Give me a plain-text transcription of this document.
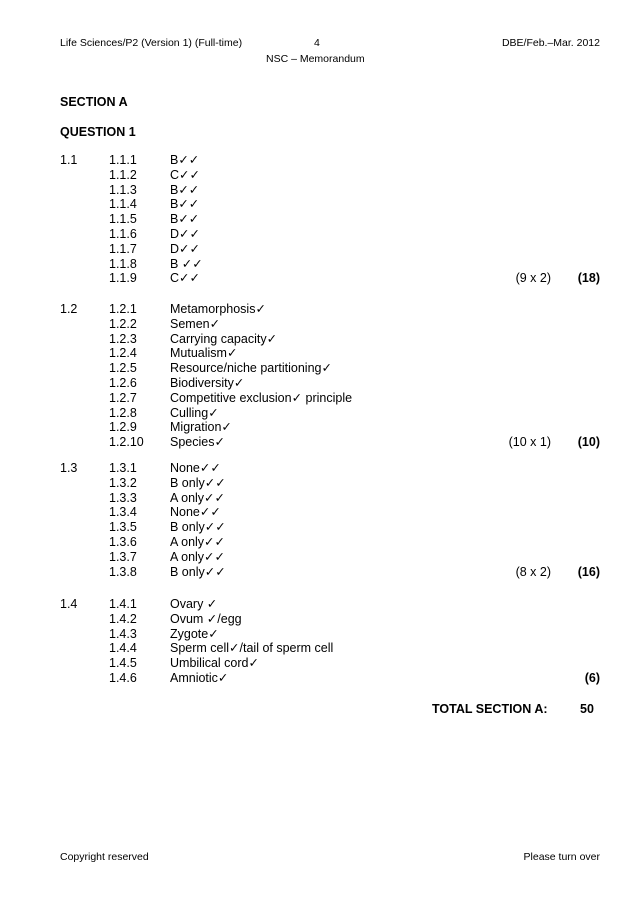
Life Sciences/P2 (Version 1) (Full-time)	4	DBE/Feb.–Mar. 2012
NSC – Memorandum
SECTION A
QUESTION 1
1.1	1.1.1	B✓✓
1.1.2	C✓✓
1.1.3	B✓✓
1.1.4	B✓✓
1.1.5	B✓✓
1.1.6	D✓✓
1.1.7	D✓✓
1.1.8	B ✓✓
1.1.9	C✓✓	(9 x 2) (18)
1.2	1.2.1	Metamorphosis✓
1.2.2	Semen✓
1.2.3	Carrying capacity✓
1.2.4	Mutualism✓
1.2.5	Resource/niche partitioning✓
1.2.6	Biodiversity✓
1.2.7	Competitive exclusion✓ principle
1.2.8	Culling✓
1.2.9	Migration✓
1.2.10 Species✓	(10 x 1) (10)
1.3	1.3.1	None✓✓
1.3.2	B only✓✓
1.3.3	A only✓✓
1.3.4	None✓✓
1.3.5	B only✓✓
1.3.6	A only✓✓
1.3.7	A only✓✓
1.3.8	B only✓✓	(8 x 2) (16)
1.4	1.4.1	Ovary ✓
1.4.2	Ovum ✓/egg
1.4.3	Zygote✓
1.4.4	Sperm cell✓/tail of sperm cell
1.4.5	Umbilical cord✓
1.4.6	Amniotic✓	(6)
TOTAL SECTION A:	50
Copyright reserved	Please turn over
